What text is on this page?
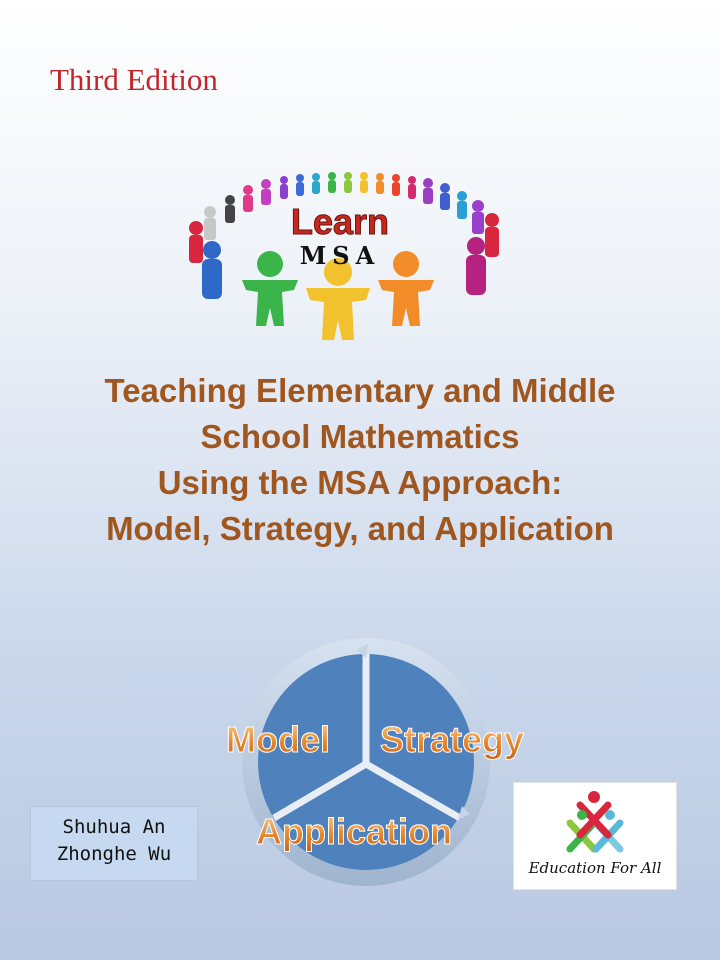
Third Edition
Learn
MSA
Teaching Elementary and Middle
School Mathematics
Using the MSA Approach:
Model, Strategy, and Application
Model Strategy
Application
Shuhua An
Zhonghe Wu
Education For All
